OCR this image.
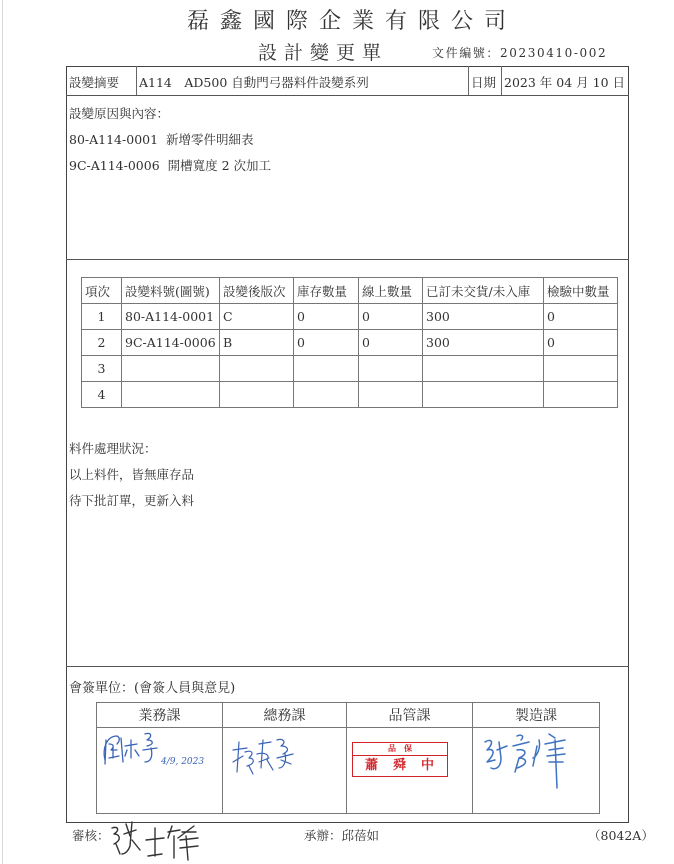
磊鑫國際企業有限公司
設計變更單	文件編號：20230410-002
設變摘要 A114　AD500 自動門弓器料件設變系列	日期 2023 年 04 月 10 日
設變原因與內容：
80-A114-0001  新增零件明細表
9C-A114-0006  開槽寬度 2 次加工
項次	設變料號(圖號)	設變後版次	庫存數量	線上數量	已訂未交貨/未入庫	檢驗中數量
1	80-A114-0001	C	0	0	300	0
2	9C-A114-0006	B	0	0	300	0
3						
4						
料件處理狀況：
以上料件，皆無庫存品
待下批訂單，更新入料
會簽單位：(會簽人員與意見)
業務課	總務課	品管課	製造課

4/9, 2023		品　保
蕭　舜　中

審核：	承辦：邱蓓如	（8042A）
